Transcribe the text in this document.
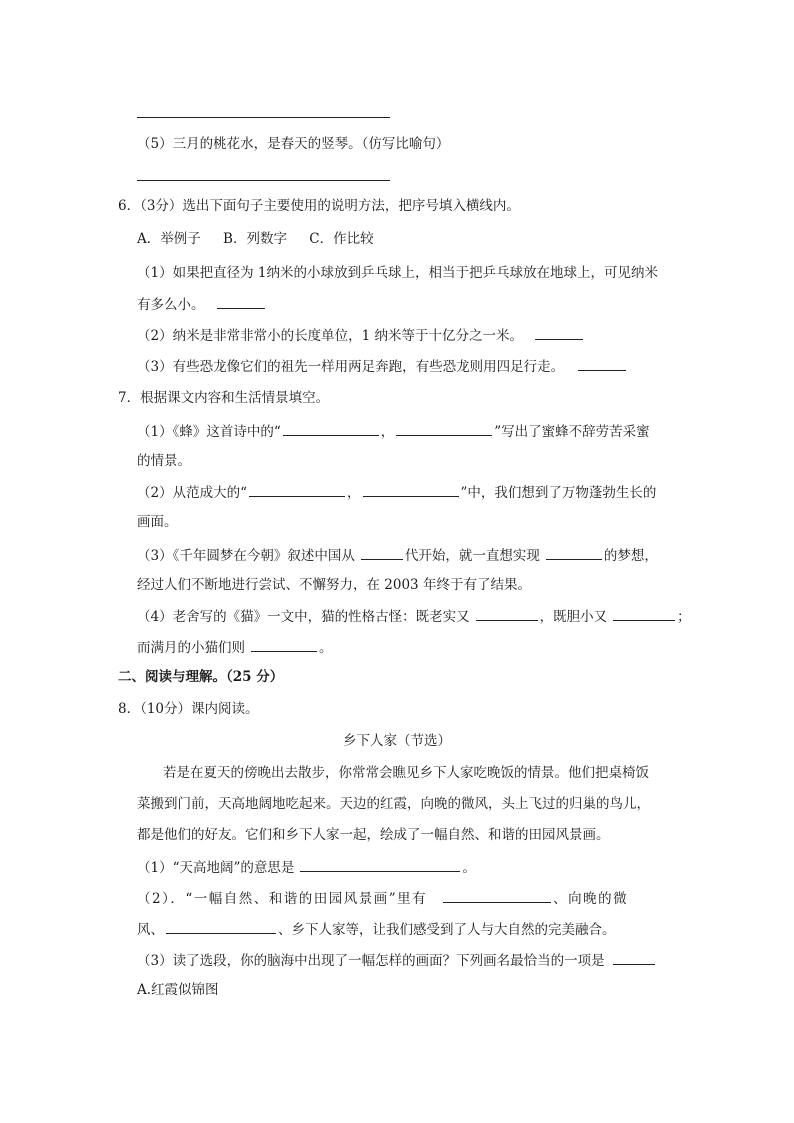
（5）三月的桃花水，是春天的竖琴。（仿写比喻句）
6．（3分）选出下面句子主要使用的说明方法，把序号填入横线内。
A．举例子 B．列数字 C．作比较
（1）如果把直径为 1纳米的小球放到乒乓球上，相当于把乒乓球放在地球上，可见纳米
有多么小。
（2）纳米是非常非常小的长度单位，1 纳米等于十亿分之一米。
（3）有些恐龙像它们的祖先一样用两足奔跑，有些恐龙则用四足行走。
7．根据课文内容和生活情景填空。
（1）《蜂》这首诗中的“	，	”写出了蜜蜂不辞劳苦采蜜
的情景。
（2）从范成大的“	，	”中，我们想到了万物蓬勃生长的
画面。
（3）《千年圆梦在今朝》叙述中国从	代开始，就一直想实现	的梦想，
经过人们不断地进行尝试、不懈努力，在 2003 年终于有了结果。
（4）老舍写的《猫》一文中，猫的性格古怪：既老实又	，既胆小又	；
而满月的小猫们则	。
二、阅读与理解。（25 分）
8．（10分）课内阅读。
乡下人家（节选）
若是在夏天的傍晚出去散步，你常常会瞧见乡下人家吃晚饭的情景。他们把桌椅饭
菜搬到门前，天高地阔地吃起来。天边的红霞，向晚的微风，头上飞过的归巢的鸟儿，
都是他们的好友。它们和乡下人家一起，绘成了一幅自然、和谐的田园风景画。
（1）“天高地阔”的意思是	。
（2）．“一幅自然、和谐的田园风景画”里有	、向晚的微
风、	、乡下人家等，让我们感受到了人与大自然的完美融合。
（3）读了选段，你的脑海中出现了一幅怎样的画面？下列画名最恰当的一项是
A.红霞似锦图
